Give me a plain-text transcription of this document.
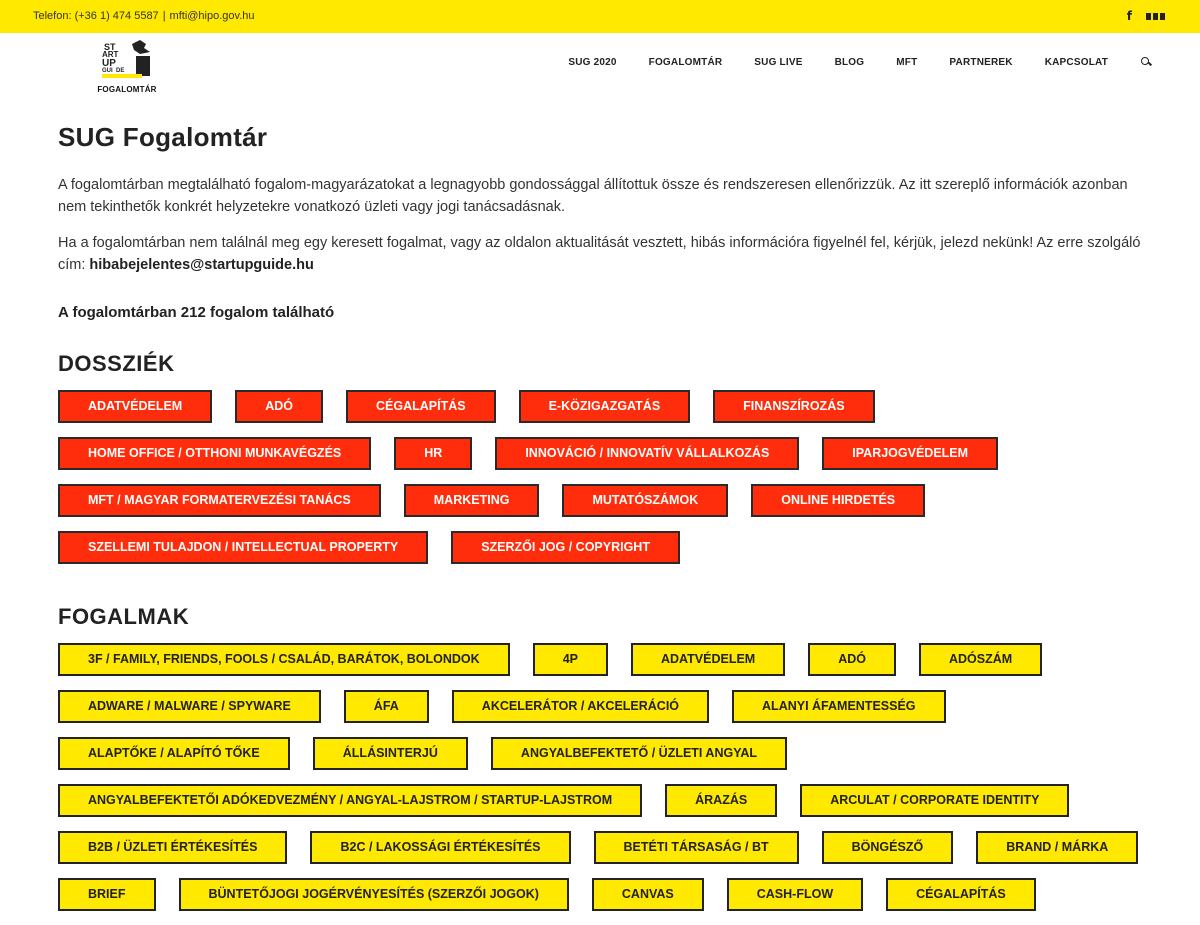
Telefon: (+36 1) 474 5587 | mfti@hipo.gov.hu	f
ST
ART
UP
GUI DE
FOGALOMTÁR
SUG 2020	FOGALOMTÁR	SUG LIVE	BLOG	MFT	PARTNEREK	KAPCSOLAT
SUG Fogalomtár

A fogalomtárban megtalálható fogalom-magyarázatokat a legnagyobb gondossággal állítottuk össze és rendszeresen ellenőrizzük. Az itt szereplő információk azonban nem tekinthetők konkrét helyzetekre vonatkozó üzleti vagy jogi tanácsadásnak.

Ha a fogalomtárban nem találnál meg egy keresett fogalmat, vagy az oldalon aktualitását vesztett, hibás információra figyelnél fel, kérjük, jelezd nekünk! Az erre szolgáló cím: hibabejelentes@startupguide.hu

A fogalomtárban 212 fogalom található

DOSSZIÉK
ADATVÉDELEM	ADÓ	CÉGALAPÍTÁS	E-KÖZIGAZGATÁS	FINANSZÍROZÁS
HOME OFFICE / OTTHONI MUNKAVÉGZÉS	HR	INNOVÁCIÓ / INNOVATÍV VÁLLALKOZÁS	IPARJOGVÉDELEM
MFT / MAGYAR FORMATERVEZÉSI TANÁCS	MARKETING	MUTATÓSZÁMOK	ONLINE HIRDETÉS
SZELLEMI TULAJDON / INTELLECTUAL PROPERTY	SZERZŐI JOG / COPYRIGHT
FOGALMAK
3F / FAMILY, FRIENDS, FOOLS / CSALÁD, BARÁTOK, BOLONDOK	4P	ADATVÉDELEM	ADÓ	ADÓSZÁM
ADWARE / MALWARE / SPYWARE	ÁFA	AKCELERÁTOR / AKCELERÁCIÓ	ALANYI ÁFAMENTESSÉG
ALAPTŐKE / ALAPÍTÓ TŐKE	ÁLLÁSINTERJÚ	ANGYALBEFEKTETŐ / ÜZLETI ANGYAL
ANGYALBEFEKTETŐI ADÓKEDVEZMÉNY / ANGYAL-LAJSTROM / STARTUP-LAJSTROM	ÁRAZÁS	ARCULAT / CORPORATE IDENTITY
B2B / ÜZLETI ÉRTÉKESÍTÉS	B2C / LAKOSSÁGI ÉRTÉKESÍTÉS	BETÉTI TÁRSASÁG / BT	BÖNGÉSZŐ	BRAND / MÁRKA
BRIEF	BÜNTETŐJOGI JOGÉRVÉNYESÍTÉS (SZERZŐI JOGOK)	CANVAS	CASH-FLOW	CÉGALAPÍTÁS
